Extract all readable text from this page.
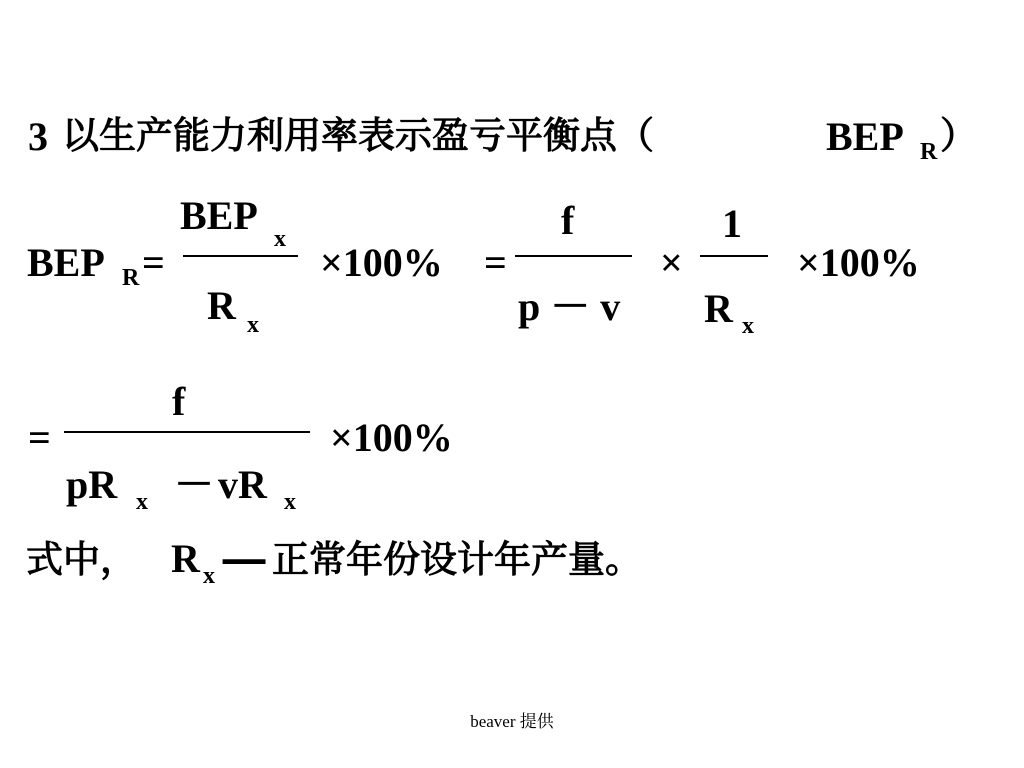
3 以生产能力利用率表示盈亏平衡点（	BEP R ）
BEP R =
BEP
x
R x
×100% =
f
p － v
×
1
R x
×100%
=
f
pR x － vR x
×100%
式中， R x — 正常年份设计年产量。
beaver 提供
